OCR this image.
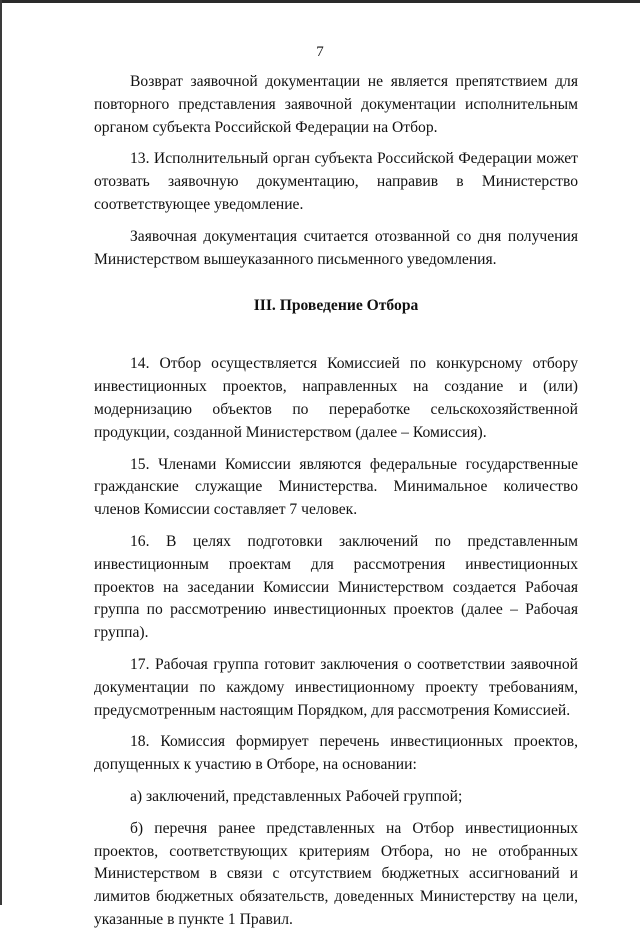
7

Возврат заявочной документации не является препятствием для повторного представления заявочной документации исполнительным органом субъекта Российской Федерации на Отбор.

13. Исполнительный орган субъекта Российской Федерации может отозвать заявочную документацию, направив в Министерство соответствующее уведомление.

Заявочная документация считается отозванной со дня получения Министерством вышеуказанного письменного уведомления.

III. Проведение Отбора

14. Отбор осуществляется Комиссией по конкурсному отбору инвестиционных проектов, направленных на создание и (или) модернизацию объектов по переработке сельскохозяйственной продукции, созданной Министерством (далее – Комиссия).

15. Членами Комиссии являются федеральные государственные гражданские служащие Министерства. Минимальное количество членов Комиссии составляет 7 человек.

16. В целях подготовки заключений по представленным инвестиционным проектам для рассмотрения инвестиционных проектов на заседании Комиссии Министерством создается Рабочая группа по рассмотрению инвестиционных проектов (далее – Рабочая группа).

17. Рабочая группа готовит заключения о соответствии заявочной документации по каждому инвестиционному проекту требованиям, предусмотренным настоящим Порядком, для рассмотрения Комиссией.

18. Комиссия формирует перечень инвестиционных проектов, допущенных к участию в Отборе, на основании:

а) заключений, представленных Рабочей группой;

б) перечня ранее представленных на Отбор инвестиционных проектов, соответствующих критериям Отбора, но не отобранных Министерством в связи с отсутствием бюджетных ассигнований и лимитов бюджетных обязательств, доведенных Министерству на цели, указанные в пункте 1 Правил.
